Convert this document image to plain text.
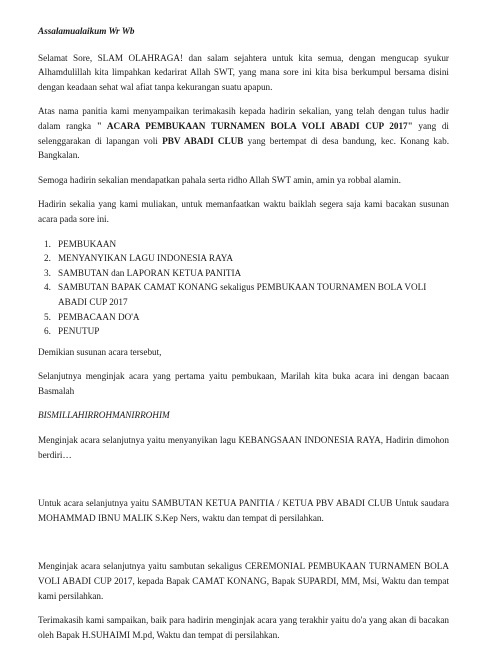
Assalamualaikum Wr Wb

Selamat Sore, SLAM OLAHRAGA! dan salam sejahtera untuk kita semua, dengan mengucap syukur Alhamdulillah kita limpahkan kedarirat Allah SWT, yang mana sore ini kita bisa berkumpul bersama disini dengan keadaan sehat wal afiat tanpa kekurangan suatu apapun.

Atas nama panitia kami menyampaikan terimakasih kepada hadirin sekalian, yang telah dengan tulus hadir dalam rangka " ACARA PEMBUKAAN TURNAMEN BOLA VOLI ABADI CUP 2017" yang di selenggarakan di lapangan voli PBV ABADI CLUB yang bertempat di desa bandung, kec. Konang kab. Bangkalan.

Semoga hadirin sekalian mendapatkan pahala serta ridho Allah SWT amin, amin ya robbal alamin.

Hadirin sekalia yang kami muliakan, untuk memanfaatkan waktu baiklah segera saja kami bacakan susunan acara pada sore ini.

1. PEMBUKAAN
2. MENYANYIKAN LAGU INDONESIA RAYA
3. SAMBUTAN dan LAPORAN KETUA PANITIA
4. SAMBUTAN BAPAK CAMAT KONANG sekaligus PEMBUKAAN TOURNAMEN BOLA VOLI ABADI CUP 2017
5. PEMBACAAN DO'A
6. PENUTUP

Demikian susunan acara tersebut,

Selanjutnya menginjak acara yang pertama yaitu pembukaan, Marilah kita buka acara ini dengan bacaan Basmalah

BISMILLAHIRROHMANIRROHIM

Menginjak acara selanjutnya yaitu menyanyikan lagu KEBANGSAAN INDONESIA RAYA, Hadirin dimohon berdiri…

Untuk acara selanjutnya yaitu SAMBUTAN KETUA PANITIA / KETUA PBV ABADI CLUB Untuk saudara MOHAMMAD IBNU MALIK S.Kep Ners, waktu dan tempat di persilahkan.

Menginjak acara selanjutnya yaitu sambutan sekaligus CEREMONIAL PEMBUKAAN TURNAMEN BOLA VOLI ABADI CUP 2017, kepada Bapak CAMAT KONANG, Bapak SUPARDI, MM, Msi, Waktu dan tempat kami persilahkan.

Terimakasih kami sampaikan, baik para hadirin menginjak acara yang terakhir yaitu do'a yang akan di bacakan oleh Bapak H.SUHAIMI M.pd, Waktu dan tempat di persilahkan.
